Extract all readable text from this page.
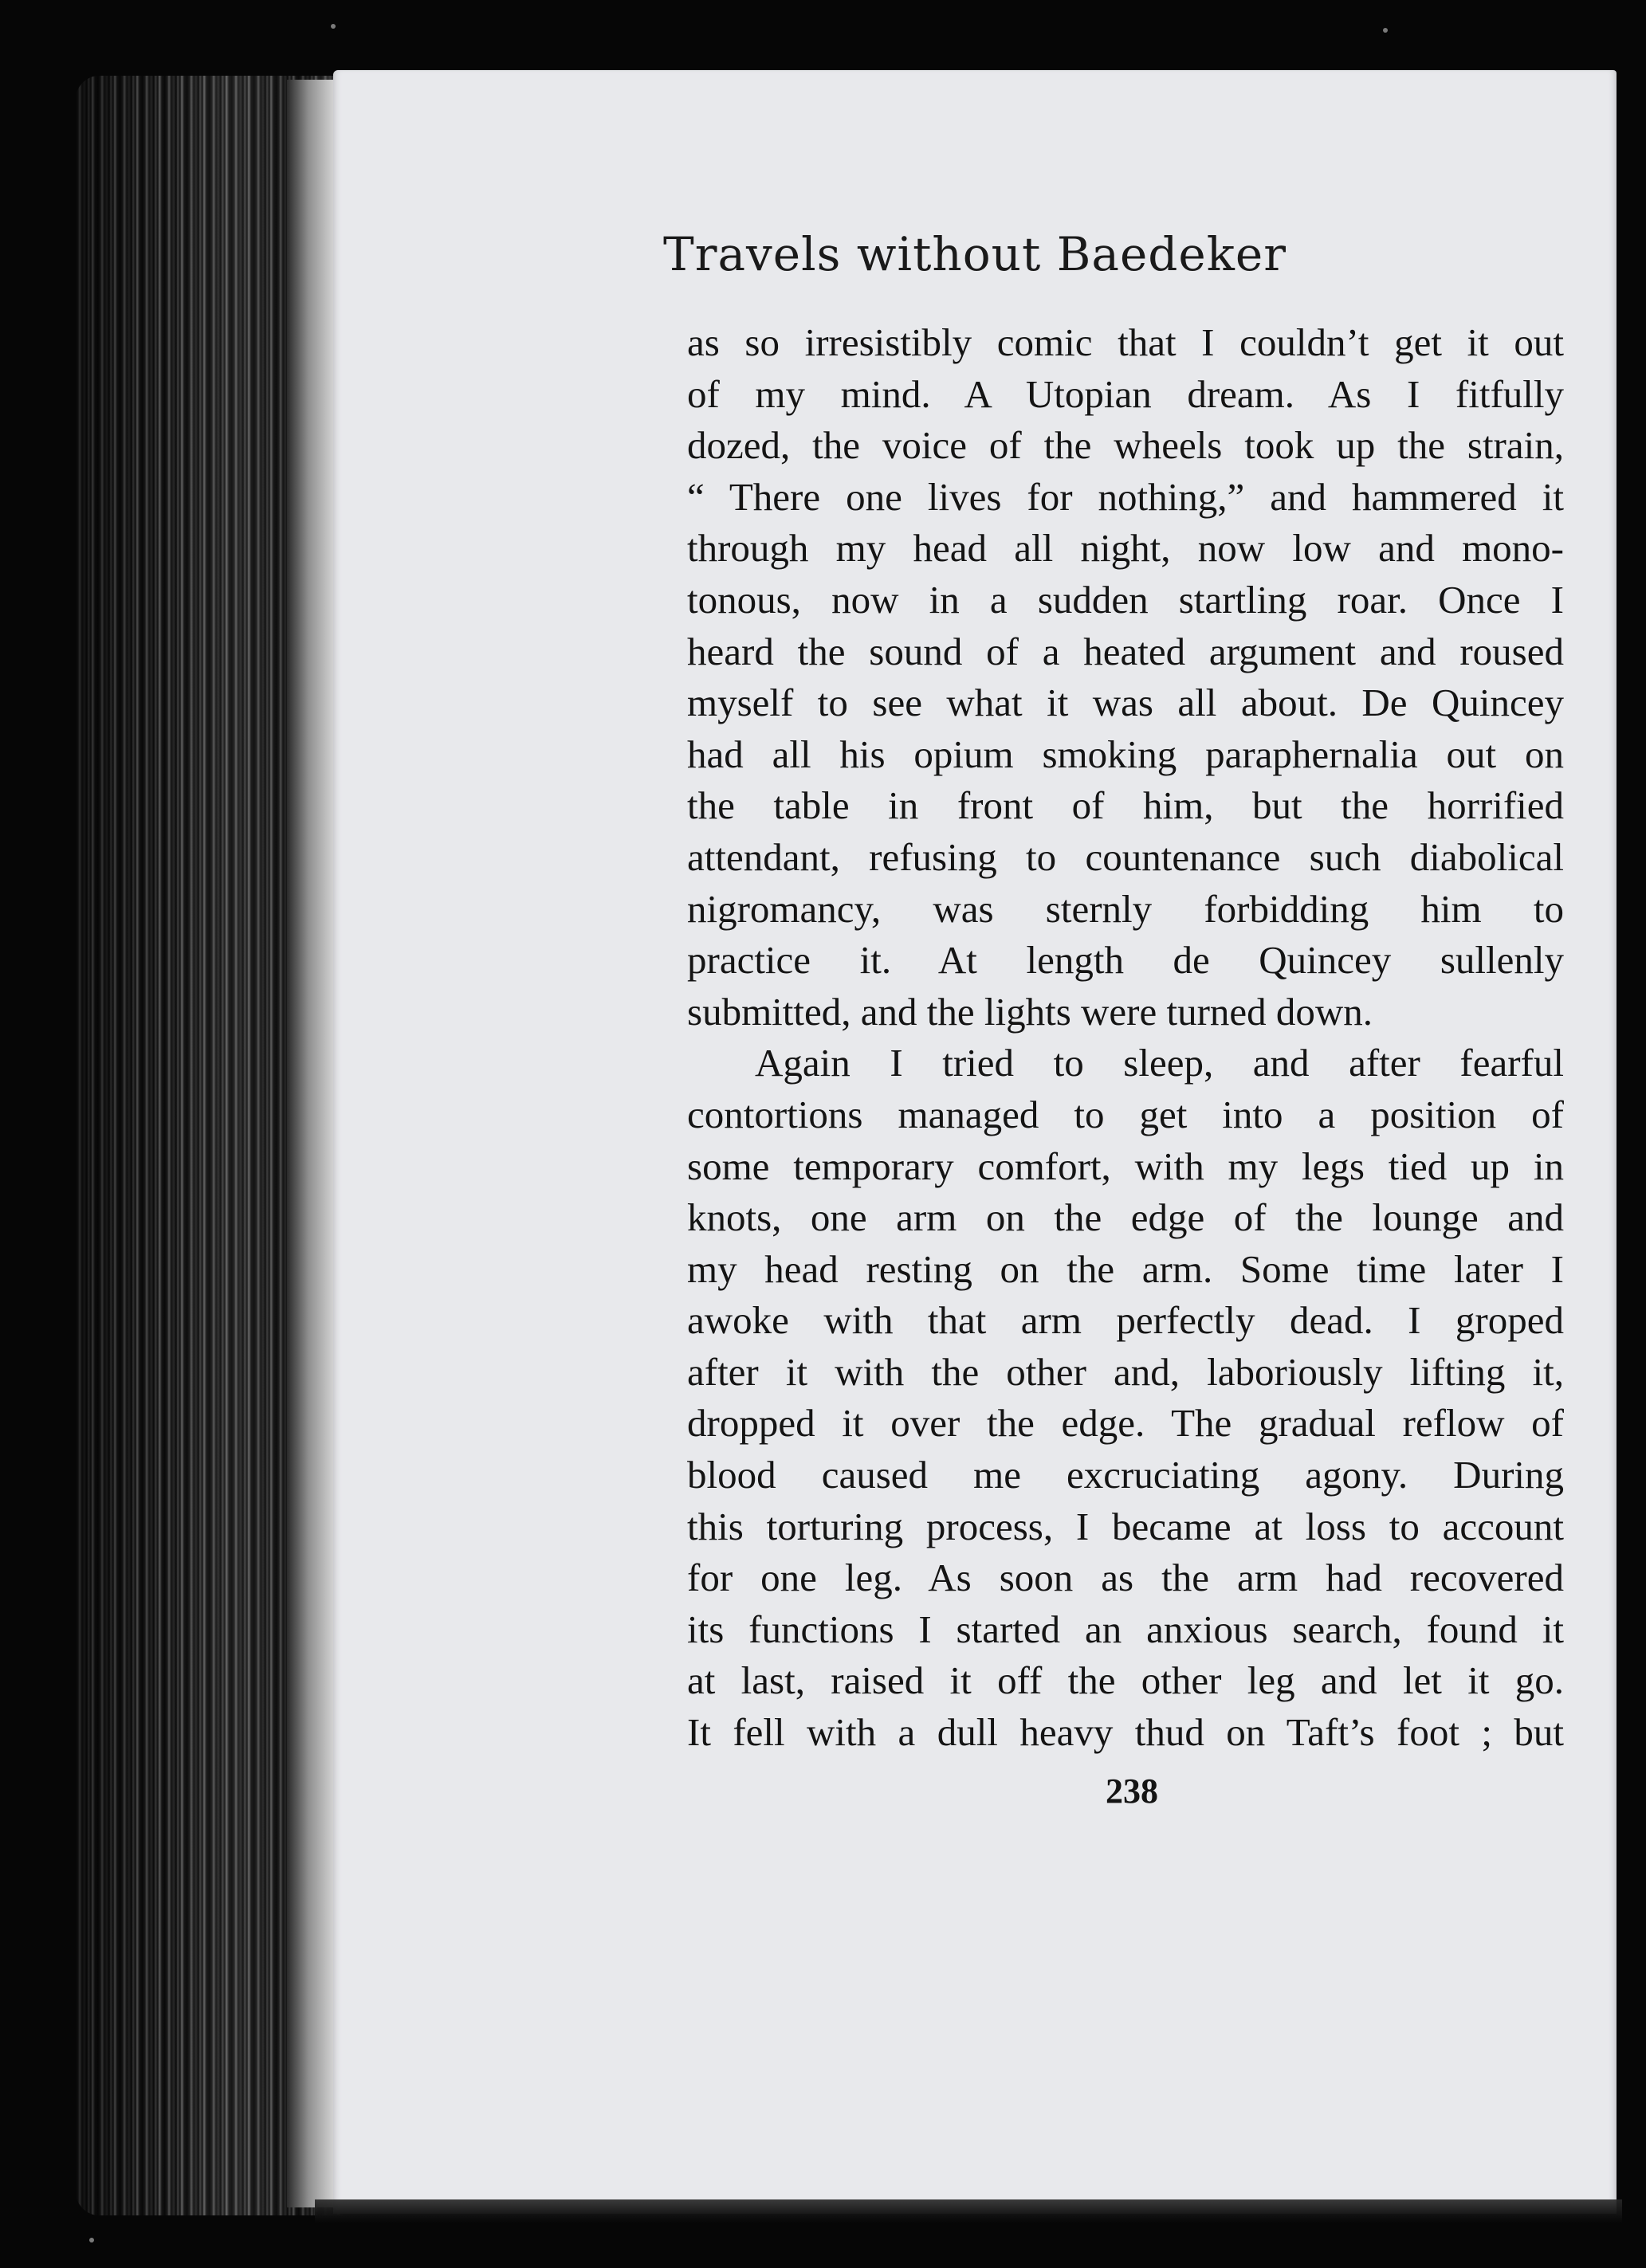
Travels without Baedeker
as so irresistibly comic that I couldn’t get it out
of my mind. A Utopian dream. As I fitfully
dozed, the voice of the wheels took up the strain,
“ There one lives for nothing,” and hammered it
through my head all night, now low and mono-
tonous, now in a sudden startling roar. Once I
heard the sound of a heated argument and roused
myself to see what it was all about. De Quincey
had all his opium smoking paraphernalia out on
the table in front of him, but the horrified
attendant, refusing to countenance such diabolical
nigromancy, was sternly forbidding him to
practice it. At length de Quincey sullenly
submitted, and the lights were turned down.
Again I tried to sleep, and after fearful
contortions managed to get into a position of
some temporary comfort, with my legs tied up in
knots, one arm on the edge of the lounge and
my head resting on the arm. Some time later I
awoke with that arm perfectly dead. I groped
after it with the other and, laboriously lifting it,
dropped it over the edge. The gradual reflow of
blood caused me excruciating agony. During
this torturing process, I became at loss to account
for one leg. As soon as the arm had recovered
its functions I started an anxious search, found it
at last, raised it off the other leg and let it go.
It fell with a dull heavy thud on Taft’s foot ; but
238
